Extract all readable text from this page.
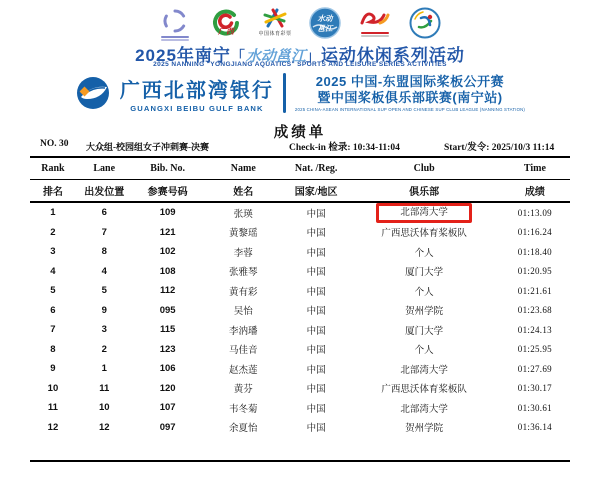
广西	中国体育彩票
水动
邕江
2025年南宁「水动邕江」运动休闲系列活动
2025 NANNING "YONGJIANG AQUATICS" SPORTS AND LEISURE SERIES ACTIVITIES
广西北部湾银行
GUANGXI BEIBU GULF BANK
2025 中国-东盟国际桨板公开赛
暨中国桨板俱乐部联赛(南宁站)
2025 CHINA-ASEAN INTERNATIONAL SUP OPEN AND CHINESE SUP CLUB LEAGUE (NANNING STATION)
成绩单
NO. 30 大众组-校园组女子冲刺赛-决赛	Check-in 检录: 10:34-11:04	Start/发令: 2025/10/3 11:14
Rank	Lane	Bib. No.	Name	Nat. /Reg.	Club	Time
排名	出发位置	参赛号码	姓名	国家/地区	俱乐部	成绩
1	6	109	张瑛	中国	北部湾大学	01:13.09
2	7	121	黄黎瑶	中国	广西思沃体育桨板队	01:16.24
3	8	102	李蓉	中国	个人	01:18.40
4	4	108	张雅琴	中国	厦门大学	01:20.95
5	5	112	黄有彩	中国	个人	01:21.61
6	9	095	吴怡	中国	贺州学院	01:23.68
7	3	115	李汭璠	中国	厦门大学	01:24.13
8	2	123	马佳音	中国	个人	01:25.95
9	1	106	赵杰莲	中国	北部湾大学	01:27.69
10	11	120	黄芬	中国	广西思沃体育桨板队	01:30.17
11	10	107	韦冬菊	中国	北部湾大学	01:30.61
12	12	097	余夏怡	中国	贺州学院	01:36.14
